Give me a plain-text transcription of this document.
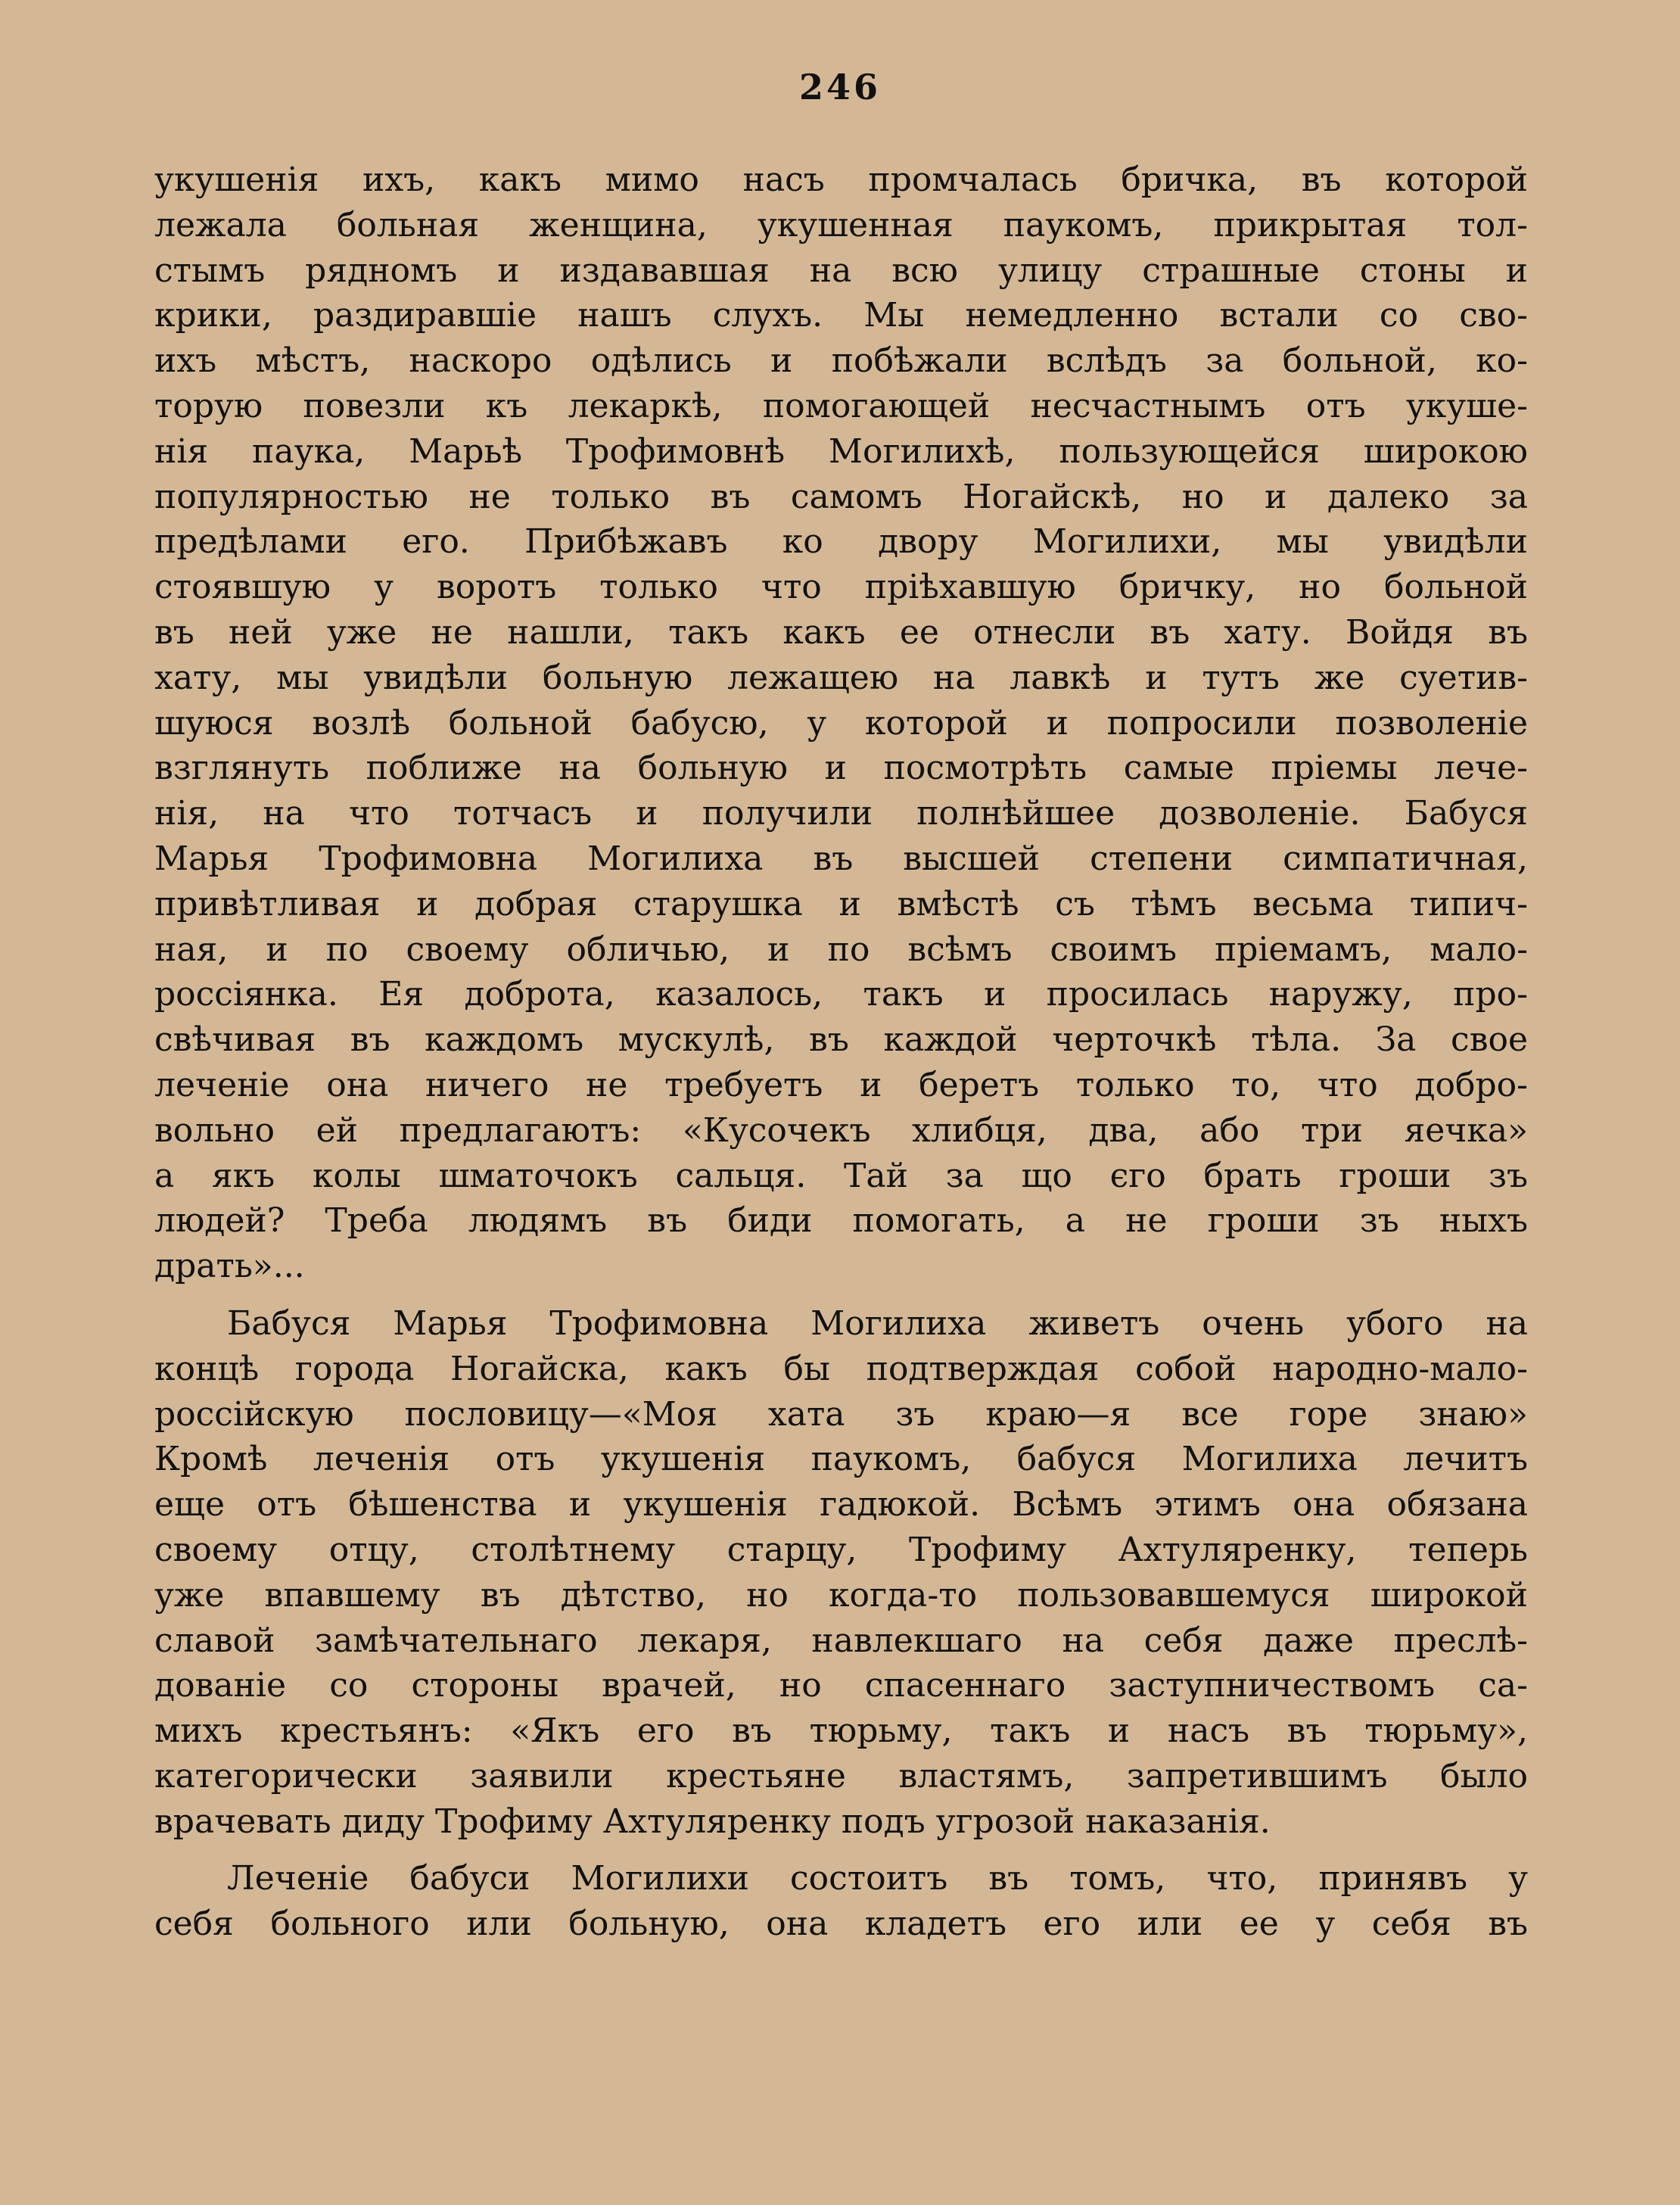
246

укушенія ихъ, какъ мимо насъ промчалась бричка, въ которой
лежала больная женщина, укушенная паукомъ, прикрытая тол-
стымъ рядномъ и издававшая на всю улицу страшные стоны и
крики, раздиравшіе нашъ слухъ. Мы немедленно встали со сво-
ихъ мѣстъ, наскоро одѣлись и побѣжали вслѣдъ за больной, ко-
торую повезли къ лекаркѣ, помогающей несчастнымъ отъ укуше-
нія паука, Марьѣ Трофимовнѣ Могилихѣ, пользующейся широкою
популярностью не только въ самомъ Ногайскѣ, но и далеко за
предѣлами его. Прибѣжавъ ко двору Могилихи, мы увидѣли
стоявшую у воротъ только что пріѣхавшую бричку, но больной
въ ней уже не нашли, такъ какъ ее отнесли въ хату. Войдя въ
хату, мы увидѣли больную лежащею на лавкѣ и тутъ же суетив-
шуюся возлѣ больной бабусю, у которой и попросили позволеніе
взглянуть поближе на больную и посмотрѣть самые пріемы лече-
нія, на что тотчасъ и получили полнѣйшее дозволеніе. Бабуся
Марья Трофимовна Могилиха въ высшей степени симпатичная,
привѣтливая и добрая старушка и вмѣстѣ съ тѣмъ весьма типич-
ная, и по своему обличью, и по всѣмъ своимъ пріемамъ, мало-
россіянка. Ея доброта, казалось, такъ и просилась наружу, про-
свѣчивая въ каждомъ мускулѣ, въ каждой черточкѣ тѣла. За свое
леченіе она ничего не требуетъ и беретъ только то, что добро-
вольно ей предлагаютъ: «Кусочекъ хлибця, два, або три яечка»
а якъ колы шматочокъ сальця. Тай за що єго брать гроши зъ
людей? Треба людямъ въ биди помогать, а не гроши зъ ныхъ
драть»...

Бабуся Марья Трофимовна Могилиха живетъ очень убого на
концѣ города Ногайска, какъ бы подтверждая собой народно-мало-
россійскую пословицу—«Моя хата зъ краю—я все горе знаю»
Кромѣ леченія отъ укушенія паукомъ, бабуся Могилиха лечитъ
еще отъ бѣшенства и укушенія гадюкой. Всѣмъ этимъ она обязана
своему отцу, столѣтнему старцу, Трофиму Ахтуляренку, теперь
уже впавшему въ дѣтство, но когда-то пользовавшемуся широкой
славой замѣчательнаго лекаря, навлекшаго на себя даже преслѣ-
дованіе со стороны врачей, но спасеннаго заступничествомъ са-
михъ крестьянъ: «Якъ его въ тюрьму, такъ и насъ въ тюрьму»,
категорически заявили крестьяне властямъ, запретившимъ было
врачевать диду Трофиму Ахтуляренку подъ угрозой наказанія.

Леченіе бабуси Могилихи состоитъ въ томъ, что, принявъ у
себя больного или больную, она кладетъ его или ее у себя въ
